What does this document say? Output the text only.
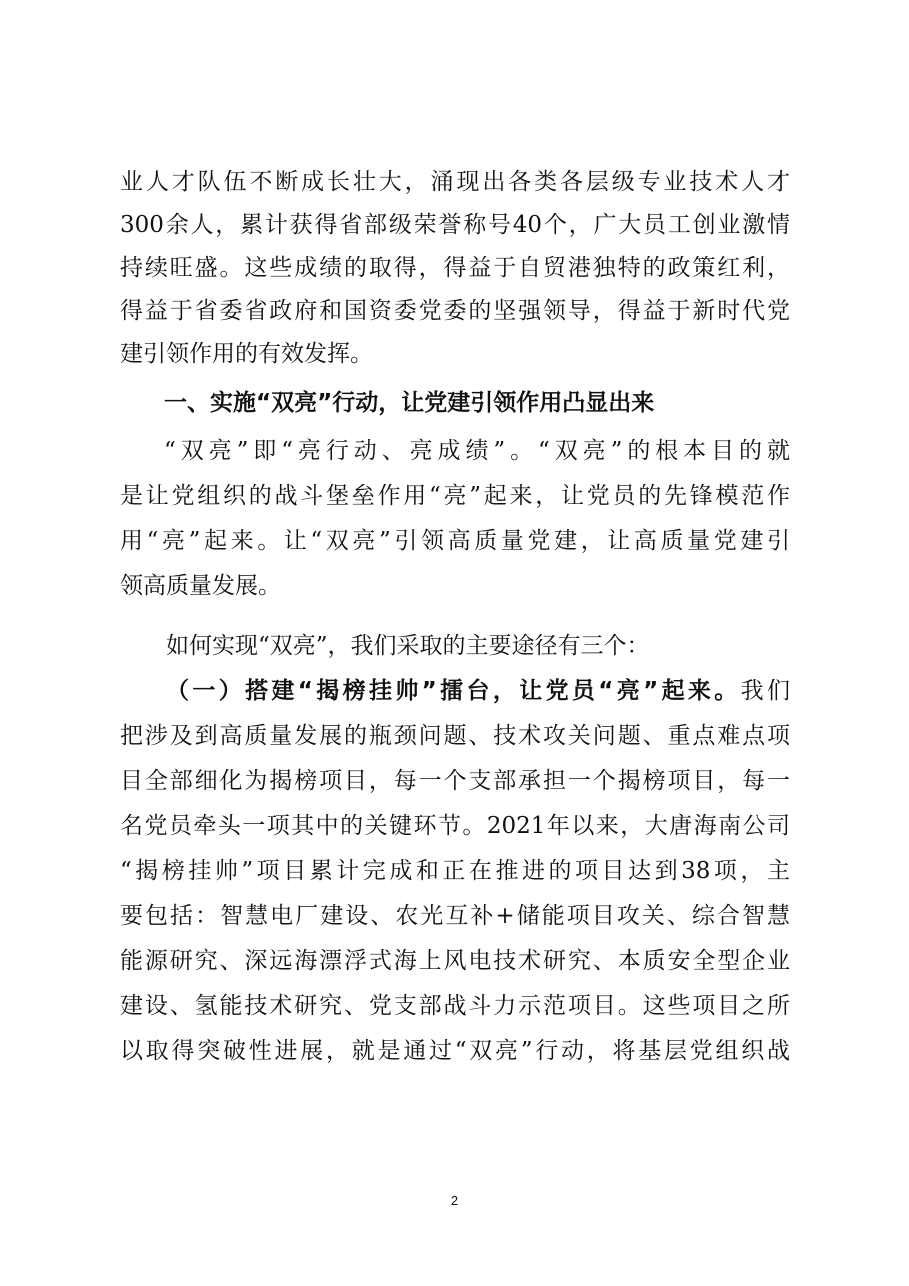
业人才队伍不断成长壮大，涌现出各类各层级专业技术人才
300余人，累计获得省部级荣誉称号40个，广大员工创业激情
持续旺盛。这些成绩的取得，得益于自贸港独特的政策红利，
得益于省委省政府和国资委党委的坚强领导，得益于新时代党
建引领作用的有效发挥。
一、实施“双亮”行动，让党建引领作用凸显出来
“双亮”即“亮行动、亮成绩”。“双亮”的根本目的就
是让党组织的战斗堡垒作用“亮”起来，让党员的先锋模范作
用“亮”起来。让“双亮”引领高质量党建，让高质量党建引
领高质量发展。
如何实现“双亮”，我们采取的主要途径有三个：
（一）搭建“揭榜挂帅”擂台，让党员“亮”起来。我们
把涉及到高质量发展的瓶颈问题、技术攻关问题、重点难点项
目全部细化为揭榜项目，每一个支部承担一个揭榜项目，每一
名党员牵头一项其中的关键环节。2021年以来，大唐海南公司
“揭榜挂帅”项目累计完成和正在推进的项目达到38项，主
要包括：智慧电厂建设、农光互补+储能项目攻关、综合智慧
能源研究、深远海漂浮式海上风电技术研究、本质安全型企业
建设、氢能技术研究、党支部战斗力示范项目。这些项目之所
以取得突破性进展，就是通过“双亮”行动，将基层党组织战
2
